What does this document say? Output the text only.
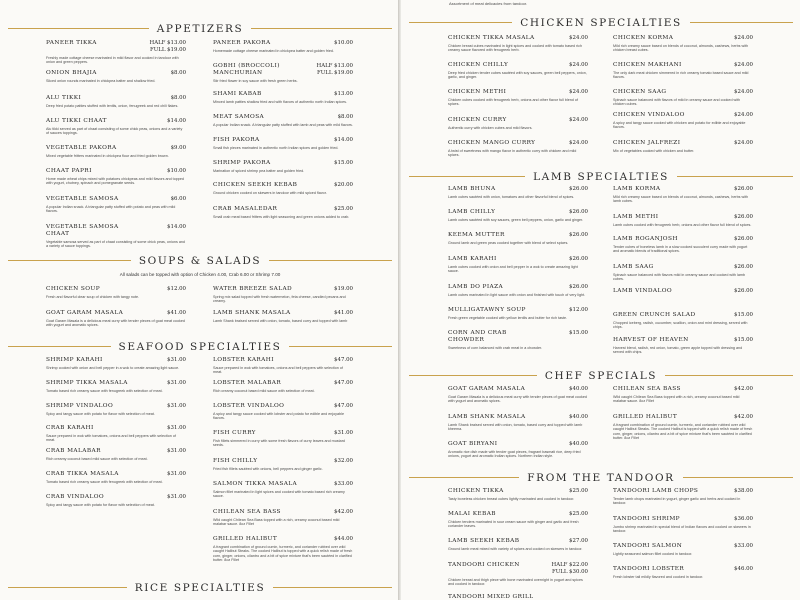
APPETIZERS
SOUPS & SALADS
All salads can be topped with option of Chicken 4.00, Crab 6.00 or Shrimp 7.00
SEAFOOD SPECIALTIES
RICE SPECIALTIES
PANEER TIKKA	HALF $13.00
FULL $19.00
Freshly made cottage cheese marinated in mild flavor and cooked in tandoor with onion and green peppers.
ONION BHAJIA	$8.00
Sliced onion rounds marinated in chickpea batter and shallow fried.
ALU TIKKI	$8.00
Deep fried potato patties stuffed with lentils, onion, fenugreek and red chili flakes.
ALU TIKKI CHAAT	$14.00
Alu tikki served as part of chaat consisting of some chick peas, onions and a variety of sauces toppings.
VEGETABLE PAKORA	$9.00
Mixed vegetable fritters marinated in chickpea flour and fried golden brown.
CHAAT PAPRI	$10.00
Home made wheat chips mixed with potatoes chickpeas and mild flavors and topped with yogurt, chutney, spinach and pomegranate seeds.
VEGETABLE SAMOSA	$6.00
A popular Indian snack. A triangular patty stuffed with potato and peas with mild flavors.
VEGETABLE SAMOSA CHAAT
$14.00
Vegetable samosa served as part of chaat consisting of some chick peas, onions and a variety of sauce toppings.
PANEER PAKORA	$10.00
Homemade cottage cheese marinated in chickpea batter and golden fried.
GOBHI (BROCCOLI) MANCHURIAN
HALF $13.00
FULL $19.00
Stir fried flower in soy sauce with fresh green herbs.
SHAMI KABAB	$13.00
Minced lamb patties shallow fried and with flavors of authentic north Indian spices.
MEAT SAMOSA	$8.00
A popular Indian snack. A triangular patty stuffed with lamb and peas with mild flavors.
FISH PAKORA	$14.00
Small fish pieces marinated in authentic north Indian spices and golden fried.
SHRIMP PAKORA	$15.00
Marination of spiced shrimp pea batter and golden fried.
CHICKEN SEEKH KEBAB	$20.00
Ground chicken cooked on skewers in tandoor with mild spiced flavor.
CRAB MASALEDAR	$25.00
Small crab meat based fritters with light seasoning and green onions added to crab.
CHICKEN SOUP	$12.00
Fresh and flavorful clear soup of chicken with tangy note.
GOAT GARAM MASALA	$41.00
Goat Garam Masala is a delicious meat curry with tender pieces of goat meat cooked with yogurt and aromatic spices.
WATER BREEZE SALAD	$19.00
Spring mix salad topped with fresh watermelon, feta cheese, candied pecans and creamy.
LAMB SHANK MASALA	$41.00
Lamb Shank braised served with onion, tomato, based curry and topped with lamb
SHRIMP KARAHI	$31.00
Shrimp cooked with onion and bell pepper in a wok to create amazing light sauce.
SHRIMP TIKKA MASALA	$31.00
Tomato based rich creamy sauce with fenugreek with selection of meat.
SHRIMP VINDALOO	$31.00
Spicy and tangy sauce with potato for flavor with selection of meat.
CRAB KARAHI	$31.00
Sauce prepared in wok with tomatoes, onions and bell peppers with selection of meat.
CRAB MALABAR	$31.00
Rich creamy coconut based mild sauce with selection of meat.
CRAB TIKKA MASALA	$31.00
Tomato based rich creamy sauce with fenugreek with selection of meat.
CRAB VINDALOO	$31.00
Spicy and tangy sauce with potato for flavor with selection of meat.
LOBSTER KARAHI	$47.00
Sauce prepared in wok with tomatoes, onions and bell peppers with selection of meat.
LOBSTER MALABAR	$47.00
Rich creamy coconut based mild sauce with selection of meat.
LOBSTER VINDALOO	$47.00
A spicy and tangy sauce cooked with lobster and potato for edible and enjoyable flavors.
FISH CURRY	$31.00
Fish fillets simmered in curry with some fresh flavors of curry leaves and mustard seeds.
FISH CHILLY	$32.00
Fried fish fillets sautéed with onions, bell peppers and ginger garlic.
SALMON TIKKA MASALA	$33.00
Salmon fillet marinated in light spices and cooked with tomato based rich creamy sauce.
CHILEAN SEA BASS	$42.00
Wild caught Chilean Sea Bass topped with a rich, creamy coconut based mild malabar sauce. 8oz Fillet
GRILLED HALIBUT	$44.00
A fragrant combination of ground cumin, turmeric, and coriander rubbed over wild caught Halibut Steaks. The cooked Halibut is topped with a quick relish made of fresh corn, ginger, onions, cilantro and a bit of spice mixture that's been sautéed in clarified butter. 8oz Fillet
Assortment of meat delicacies from tandoor.
CHICKEN SPECIALTIES
LAMB SPECIALTIES
CHEF SPECIALS
FROM THE TANDOOR
CHICKEN TIKKA MASALA	$24.00
Chicken breast cubes marinated in light spices and cooked with tomato based rich creamy sauce flavored with fenugreek herb.
CHICKEN CHILLY	$24.00
Deep fried chicken tender cubes sautéed with soy sauces, green bell peppers, onion, garlic, and ginger.
CHICKEN METHI	$24.00
Chicken cubes cooked with fenugreek herb, onions and other flavor full blend of spices.
CHICKEN CURRY	$24.00
Authentic curry with chicken cubes and mild flavors.
CHICKEN MANGO CURRY	$24.00
A twist of sweetness with mango flavor in authentic curry with chicken and mild spices.
CHICKEN KORMA	$24.00
Mild rich creamy sauce based on blends of coconut, almonds, cashews, herbs with chicken breast cubes.
CHICKEN MAKHANI	$24.00
The only dark meat chicken simmered in rich creamy tomato based sauce and mild flavors.
CHICKEN SAAG	$24.00
Spinach sauce balanced with flavors of mild in creamy sauce and cooked with chicken cubes.
CHICKEN VINDALOO	$24.00
A spicy and tangy sauce cooked with chicken and potato for edible and enjoyable flavors.
CHICKEN JALFREZI	$24.00
Mix of vegetables cooked with chicken and butter.
LAMB BHUNA	$26.00
Lamb cubes sautéed with onion, tomatoes and other flavorful blend of spices.
LAMB CHILLY	$26.00
Lamb cubes sautéed with soy sauces, green bell peppers, onion, garlic and ginger.
KEEMA MUTTER	$26.00
Ground lamb and green peas cooked together with blend of select spices.
LAMB KARAHI	$26.00
Lamb cubes cooked with onion and bell pepper in a wok to create amazing light sauce.
LAMB DO PIAZA	$26.00
Lamb cubes marinated in light sauce with onion and finished with touch of very light.
MULLIGATAWNY SOUP	$12.00
Fresh green vegetable cooked with yellow lentils and butter for rich taste.
CORN AND CRAB CHOWDER
$15.00
Sweetness of corn balanced with crab meat in a chowder.
LAMB KORMA	$26.00
Mild rich creamy sauce based on blends of coconut, almonds, cashews, herbs with lamb cubes.
LAMB METHI	$26.00
Lamb cubes cooked with fenugreek herb, onions and other flavor full blend of spices.
LAMB ROGANJOSH	$26.00
Tender cubes of boneless lamb in a slow cooked succulent curry made with yogurt and aromatic blends of traditional spices.
LAMB SAAG	$26.00
Spinach sauce balanced with flavors mild in creamy sauce and cooked with lamb cubes.
LAMB VINDALOO	$26.00
GREEN CRUNCH SALAD	$15.00
Chopped iceberg, radish, cucumber, scallion, onion and mint dressing, served with chips.
HARVEST OF HEAVEN	$15.00
Harvest blend, radish, red onion, tomato, green apple topped with dressing and served with chips.
GOAT GARAM MASALA	$40.00
Goat Garam Masala is a delicious meat curry with tender pieces of goat meat cooked with yogurt and aromatic spices.
LAMB SHANK MASALA	$40.00
Lamb Shank braised served with onion, tomato, based curry and topped with lamb kheema.
GOAT BIRYANI	$40.00
Aromatic rice dish made with tender goat pieces, fragrant basmati rice, deep fried onions, yogurt and aromatic Indian spices. Northern Indian style.
CHILEAN SEA BASS	$42.00
Wild caught Chilean Sea Bass topped with a rich, creamy coconut based mild malabar sauce. 8oz Fillet
GRILLED HALIBUT	$42.00
A fragrant combination of ground cumin, turmeric, and coriander rubbed over wild caught Halibut Steaks. The cooked Halibut is topped with a quick relish made of fresh corn, ginger, onions, cilantro and a bit of spice mixture that's been sautéed in clarified butter. 8oz Fillet
CHICKEN TIKKA	$25.00
Tasty boneless chicken breast cubes lightly marinated and cooked in tandoor.
MALAI KEBAB	$25.00
Chicken tenders marinated in sour cream sauce with ginger and garlic and fresh coriander leaves.
LAMB SEEKH KEBAB	$27.00
Ground lamb meat mixed with variety of spices and cooked on skewers in tandoor.
TANDOORI CHICKEN	HALF $22.00
FULL $30.00
Chicken breast and thigh piece with bone marinated overnight in yogurt and spices and cooked in tandoor.
TANDOORI MIXED GRILL
TANDOORI LAMB CHOPS	$38.00
Tender lamb chops marinated in yogurt, ginger garlic and herbs and cooked in tandoor.
TANDOORI SHRIMP	$36.00
Jumbo shrimp marinated in special blend of Indian flavors and cooked on skewers in tandoor.
TANDOORI SALMON	$33.00
Lightly seasoned salmon fillet cooked in tandoor.
TANDOORI LOBSTER	$46.00
Fresh lobster tail mildly flavored and cooked in tandoor.
